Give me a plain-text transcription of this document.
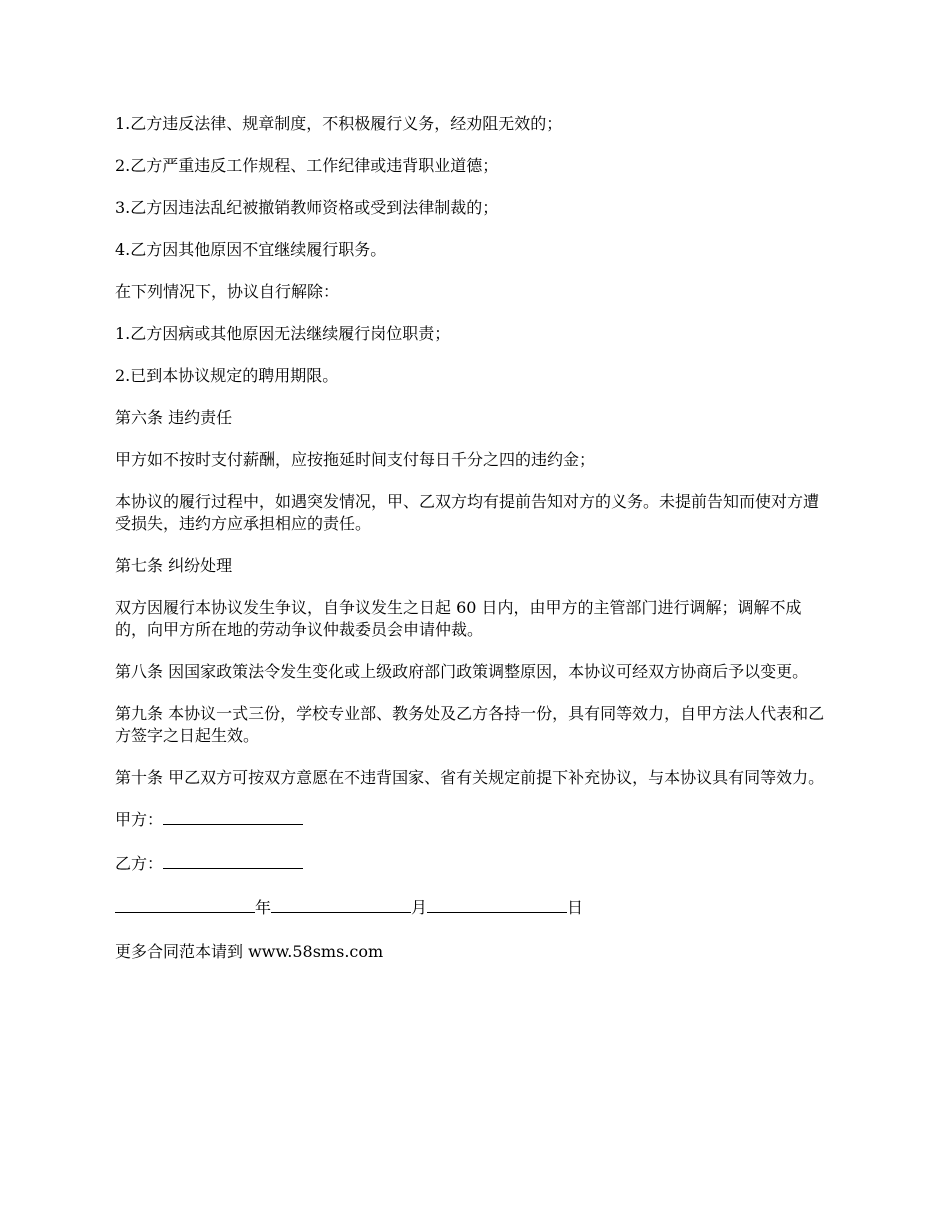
1.乙方违反法律、规章制度，不积极履行义务，经劝阻无效的；

2.乙方严重违反工作规程、工作纪律或违背职业道德；

3.乙方因违法乱纪被撤销教师资格或受到法律制裁的；

4.乙方因其他原因不宜继续履行职务。

在下列情况下，协议自行解除：

1.乙方因病或其他原因无法继续履行岗位职责；

2.已到本协议规定的聘用期限。

第六条 违约责任

甲方如不按时支付薪酬，应按拖延时间支付每日千分之四的违约金；

本协议的履行过程中，如遇突发情况，甲、乙双方均有提前告知对方的义务。未提前告知而使对方遭受损失，违约方应承担相应的责任。

第七条 纠纷处理

双方因履行本协议发生争议，自争议发生之日起 60 日内，由甲方的主管部门进行调解；调解不成的，向甲方所在地的劳动争议仲裁委员会申请仲裁。

第八条 因国家政策法令发生变化或上级政府部门政策调整原因，本协议可经双方协商后予以变更。

第九条 本协议一式三份，学校专业部、教务处及乙方各持一份，具有同等效力，自甲方法人代表和乙方签字之日起生效。

第十条 甲乙双方可按双方意愿在不违背国家、省有关规定前提下补充协议，与本协议具有同等效力。

甲方：

乙方：

年	月	日

更多合同范本请到 www.58sms.com
